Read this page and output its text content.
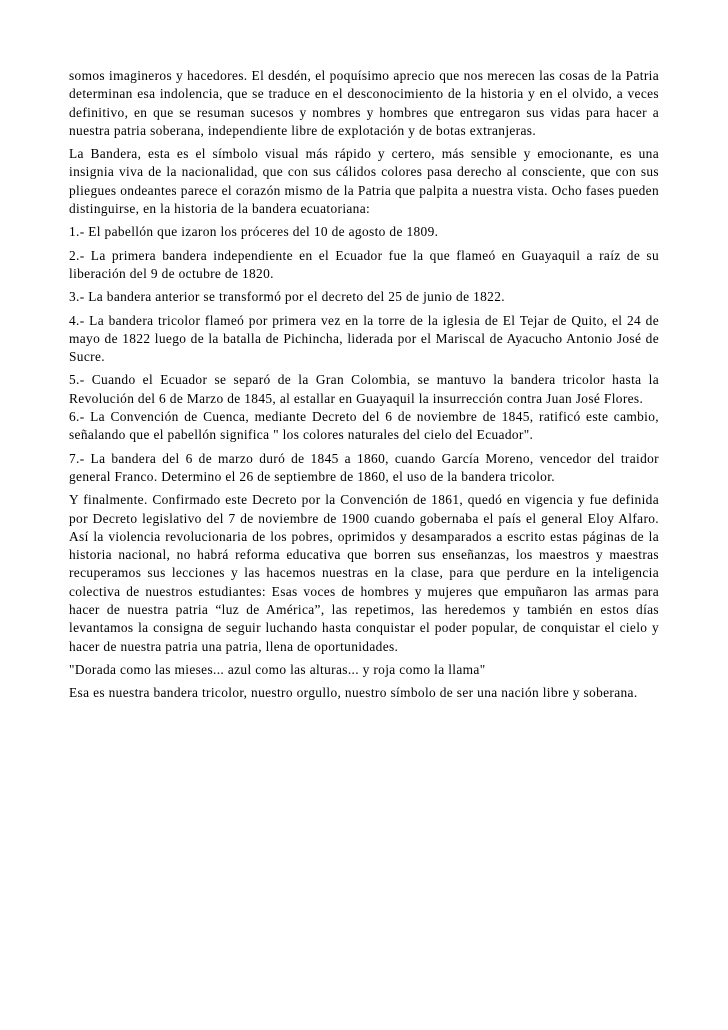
somos imagineros y hacedores. El desdén, el poquísimo aprecio que nos merecen las cosas de la Patria determinan esa indolencia, que se traduce en el desconocimiento de la historia y en el olvido, a veces definitivo, en que se resuman sucesos y nombres y hombres que entregaron sus vidas para hacer a nuestra patria soberana, independiente libre de explotación y de botas extranjeras.

La Bandera, esta es el símbolo visual más rápido y certero, más sensible y emocionante, es una insignia viva de la nacionalidad, que con sus cálidos colores pasa derecho al consciente, que con sus pliegues ondeantes parece el corazón mismo de la Patria que palpita a nuestra vista. Ocho fases pueden distinguirse, en la historia de la bandera ecuatoriana:

1.- El pabellón que izaron los próceres del 10 de agosto de 1809.

2.- La primera bandera independiente en el Ecuador fue la que flameó en Guayaquil a raíz de su liberación del 9 de octubre de 1820.

3.- La bandera anterior se transformó por el decreto del 25 de junio de 1822.

4.- La bandera tricolor flameó por primera vez en la torre de la iglesia de El Tejar de Quito, el 24 de mayo de 1822 luego de la batalla de Pichincha, liderada por el Mariscal de Ayacucho Antonio José de Sucre.

5.- Cuando el Ecuador se separó de la Gran Colombia, se mantuvo la bandera tricolor hasta la Revolución del 6 de Marzo de 1845, al estallar en Guayaquil la insurrección contra Juan José Flores.

6.- La Convención de Cuenca, mediante Decreto del 6 de noviembre de 1845, ratificó este cambio, señalando que el pabellón significa " los colores naturales del cielo del Ecuador".

7.- La bandera del 6 de marzo duró de 1845 a 1860, cuando García Moreno, vencedor del traidor general Franco. Determino el 26 de septiembre de 1860, el uso de la bandera tricolor.

Y finalmente. Confirmado este Decreto por la Convención de 1861, quedó en vigencia y fue definida por Decreto legislativo del 7 de noviembre de 1900 cuando gobernaba el país el general Eloy Alfaro. Así la violencia revolucionaria de los pobres, oprimidos y desamparados a escrito estas páginas de la historia nacional, no habrá reforma educativa que borren sus enseñanzas, los maestros y maestras recuperamos sus lecciones y las hacemos nuestras en la clase, para que perdure en la inteligencia colectiva de nuestros estudiantes: Esas voces de hombres y mujeres que empuñaron las armas para hacer de nuestra patria “luz de América”, las repetimos, las heredemos y también en estos días levantamos la consigna de seguir luchando hasta conquistar el poder popular, de conquistar el cielo y hacer de nuestra patria una patria, llena de oportunidades.

"Dorada como las mieses... azul como las alturas... y roja como la llama"

Esa es nuestra bandera tricolor, nuestro orgullo, nuestro símbolo de ser una nación libre y soberana.
